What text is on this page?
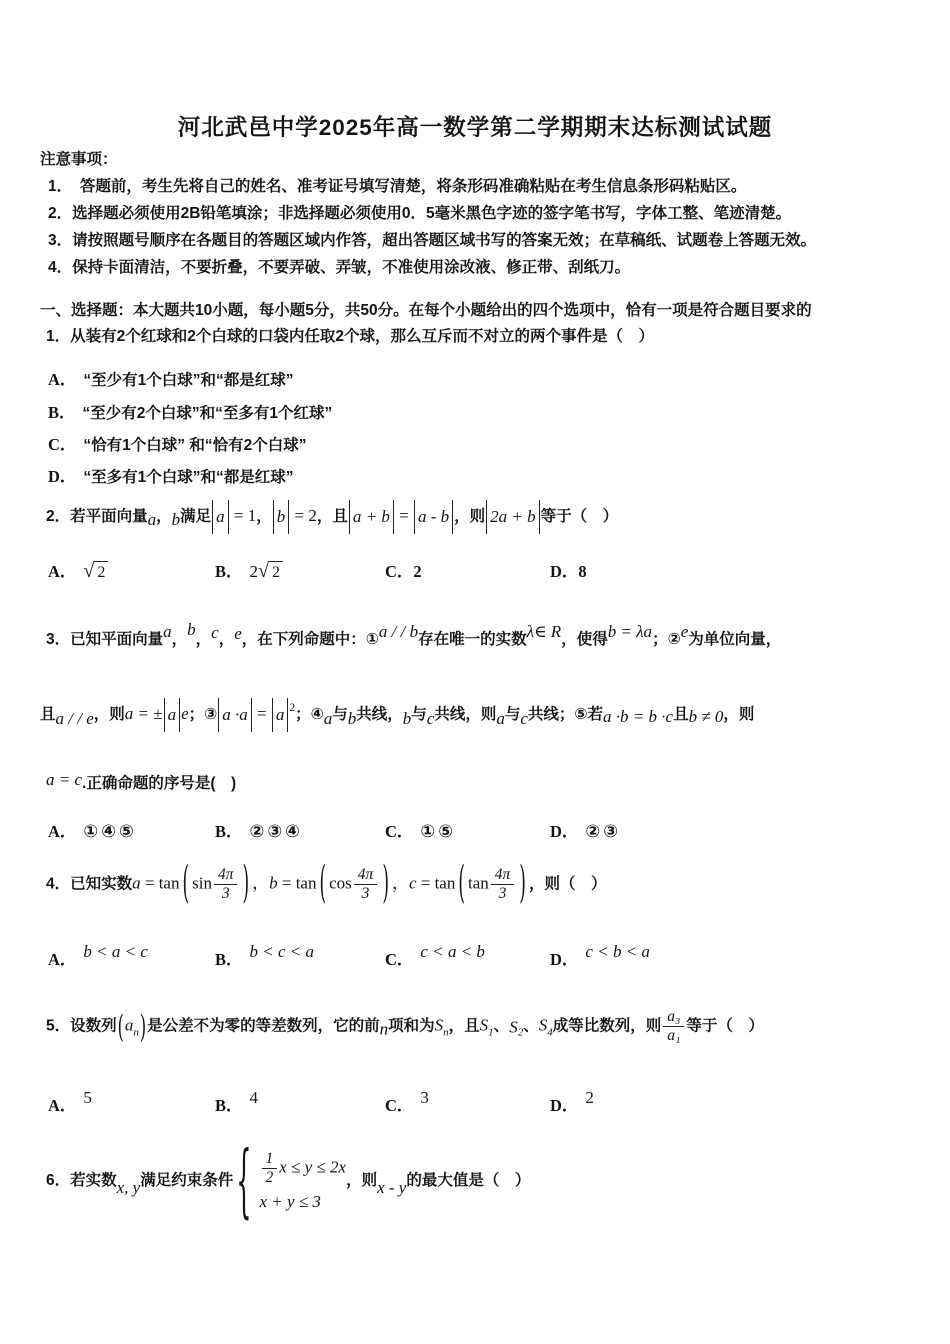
河北武邑中学2025年高一数学第二学期期末达标测试试题
注意事项：
1．　答题前，考生先将自己的姓名、准考证号填写清楚，将条形码准确粘贴在考生信息条形码粘贴区。
2．选择题必须使用2B铅笔填涂；非选择题必须使用0．5毫米黑色字迹的签字笔书写，字体工整、笔迹清楚。
3．请按照题号顺序在各题目的答题区域内作答，超出答题区域书写的答案无效；在草稿纸、试题卷上答题无效。
4．保持卡面清洁，不要折叠，不要弄破、弄皱，不准使用涂改液、修正带、刮纸刀。
一、选择题：本大题共10小题，每小题5分，共50分。在每个小题给出的四个选项中，恰有一项是符合题目要求的
1．从装有2个红球和2个白球的口袋内任取2个球，那么互斥而不对立的两个事件是（　）
A． “至少有1个白球”和“都是红球”
B． “至少有2个白球”和“至多有1个红球”
C． “恰有1个白球” 和“恰有2个白球”
D． “至多有1个白球”和“都是红球”
2．若平面向量a，b满足 a = 1， b = 2，且 a + b = a - b ，则 2a + b 等于（　）
A． √ 2	B． 2 √ 2	C．2	D．8
3．已知平面向量a，b，c，e，在下列命题中：①a / / b存在唯一的实数λ∈ R，使得b = λa；②e为单位向量，
且a / / e，则a = ± a e；③ a ·a = a $^2$；④a与b共线，b与c共线，则a与c共线；⑤若a ·b = b ·c且b ≠ 0，则
a = c.正确命题的序号是(　)
A． ①④⑤	B． ②③④	C． ①⑤	D． ②③
4．已知实数a = tan ( $\sin \frac{4\pi}{3}$ ) ，b = tan ( $\cos \frac{4\pi}{3}$ ) ，c = tan ( $\tan \frac{4\pi}{3}$ ) ，则（　）
A． b < a < c	B． b < c < a	C． c < a < b	D． c < b < a
5．设数列$(a_n)$是公差不为零的等差数列，它的前n项和为$S_n$，且$S_1$、$S_2$、$S_4$成等比数列，则 $\frac{\text{a₃}}{\text{a₁}}$ 等于（　）
A． 5	B． 4	C． 3	D． 2
6．若实数x, y满足约束条件 { $\frac{1}{2}$ x ≤ y ≤ 2x
x + y ≤ 3
，则x - y的最大值是（　）
